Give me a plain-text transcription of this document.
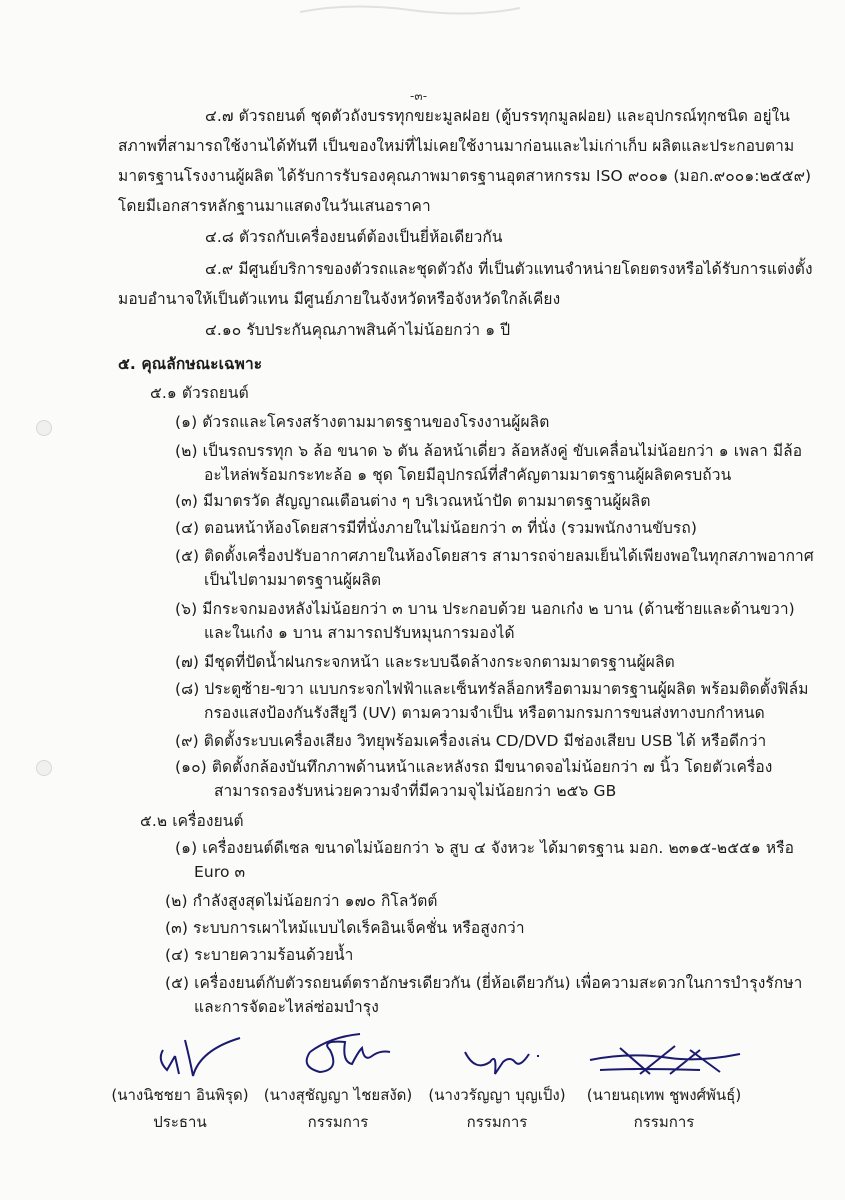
-๓-
๔.๗ ตัวรถยนต์ ชุดตัวถังบรรทุกขยะมูลฝอย (ตู้บรรทุกมูลฝอย) และอุปกรณ์ทุกชนิด อยู่ใน
สภาพที่สามารถใช้งานได้ทันที เป็นของใหม่ที่ไม่เคยใช้งานมาก่อนและไม่เก่าเก็บ ผลิตและประกอบตาม
มาตรฐานโรงงานผู้ผลิต ได้รับการรับรองคุณภาพมาตรฐานอุตสาหกรรม ISO ๙๐๐๑ (มอก.๙๐๐๑:๒๕๕๙)
โดยมีเอกสารหลักฐานมาแสดงในวันเสนอราคา
๔.๘ ตัวรถกับเครื่องยนต์ต้องเป็นยี่ห้อเดียวกัน
๔.๙ มีศูนย์บริการของตัวรถและชุดตัวถัง ที่เป็นตัวแทนจำหน่ายโดยตรงหรือได้รับการแต่งตั้ง
มอบอำนาจให้เป็นตัวแทน มีศูนย์ภายในจังหวัดหรือจังหวัดใกล้เคียง
๔.๑๐ รับประกันคุณภาพสินค้าไม่น้อยกว่า ๑ ปี
๕. คุณลักษณะเฉพาะ
๕.๑ ตัวรถยนต์
(๑) ตัวรถและโครงสร้างตามมาตรฐานของโรงงานผู้ผลิต
(๒) เป็นรถบรรทุก ๖ ล้อ ขนาด ๖ ตัน ล้อหน้าเดี่ยว ล้อหลังคู่ ขับเคลื่อนไม่น้อยกว่า ๑ เพลา มีล้อ
อะไหล่พร้อมกระทะล้อ ๑ ชุด โดยมีอุปกรณ์ที่สำคัญตามมาตรฐานผู้ผลิตครบถ้วน
(๓) มีมาตรวัด สัญญาณเตือนต่าง ๆ บริเวณหน้าปัด ตามมาตรฐานผู้ผลิต
(๔) ตอนหน้าห้องโดยสารมีที่นั่งภายในไม่น้อยกว่า ๓ ที่นั่ง (รวมพนักงานขับรถ)
(๕) ติดตั้งเครื่องปรับอากาศภายในห้องโดยสาร สามารถจ่ายลมเย็นได้เพียงพอในทุกสภาพอากาศ
เป็นไปตามมาตรฐานผู้ผลิต
(๖) มีกระจกมองหลังไม่น้อยกว่า ๓ บาน ประกอบด้วย นอกเก๋ง ๒ บาน (ด้านซ้ายและด้านขวา)
และในเก๋ง ๑ บาน สามารถปรับหมุนการมองได้
(๗) มีชุดที่ปัดน้ำฝนกระจกหน้า และระบบฉีดล้างกระจกตามมาตรฐานผู้ผลิต
(๘) ประตูซ้าย-ขวา แบบกระจกไฟฟ้าและเซ็นทรัลล็อกหรือตามมาตรฐานผู้ผลิต พร้อมติดตั้งฟิล์ม
กรองแสงป้องกันรังสียูวี (UV) ตามความจำเป็น หรือตามกรมการขนส่งทางบกกำหนด
(๙) ติดตั้งระบบเครื่องเสียง วิทยุพร้อมเครื่องเล่น CD/DVD มีช่องเสียบ USB ได้ หรือดีกว่า
(๑๐) ติดตั้งกล้องบันทึกภาพด้านหน้าและหลังรถ มีขนาดจอไม่น้อยกว่า ๗ นิ้ว โดยตัวเครื่อง
สามารถรองรับหน่วยความจำที่มีความจุไม่น้อยกว่า ๒๕๖ GB
๕.๒ เครื่องยนต์
(๑) เครื่องยนต์ดีเซล ขนาดไม่น้อยกว่า ๖ สูบ ๔ จังหวะ ได้มาตรฐาน มอก. ๒๓๑๕-๒๕๕๑ หรือ
Euro ๓
(๒) กำลังสูงสุดไม่น้อยกว่า ๑๗๐ กิโลวัตต์
(๓) ระบบการเผาไหม้แบบไดเร็คอินเจ็คชั่น หรือสูงกว่า
(๔) ระบายความร้อนด้วยน้ำ
(๕) เครื่องยนต์กับตัวรถยนต์ตราอักษรเดียวกัน (ยี่ห้อเดียวกัน) เพื่อความสะดวกในการบำรุงรักษา
และการจัดอะไหล่ซ่อมบำรุง
(นางนิชชยา อินพิรุด)
ประธาน
(นางสุชัญญา ไชยสงัด)
กรรมการ
(นางวรัญญา บุญเป็ง)
กรรมการ
(นายนฤเทพ ชูพงศ์พันธุ์)
กรรมการ
